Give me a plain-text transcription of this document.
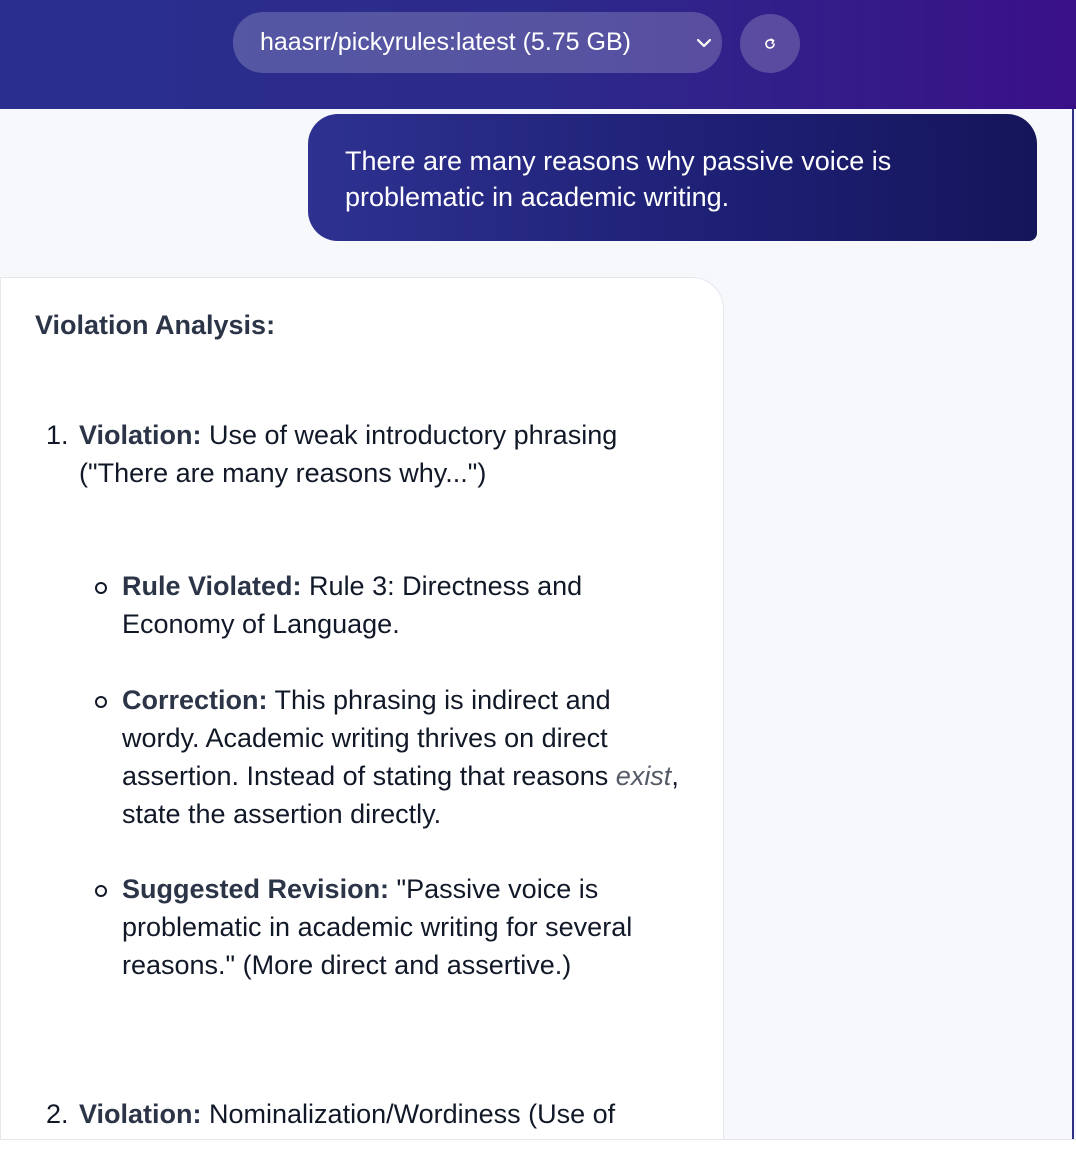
haasrr/pickyrules:latest (5.75 GB)
There are many reasons why passive voice is problematic in academic writing.
Violation Analysis:
1. Violation: Use of weak introductory phrasing ("There are many reasons why...")
Rule Violated: Rule 3: Directness and Economy of Language.
Correction: This phrasing is indirect and wordy. Academic writing thrives on direct assertion. Instead of stating that reasons exist, state the assertion directly.
Suggested Revision: "Passive voice is problematic in academic writing for several reasons." (More direct and assertive.)
2. Violation: Nominalization/Wordiness (Use of
